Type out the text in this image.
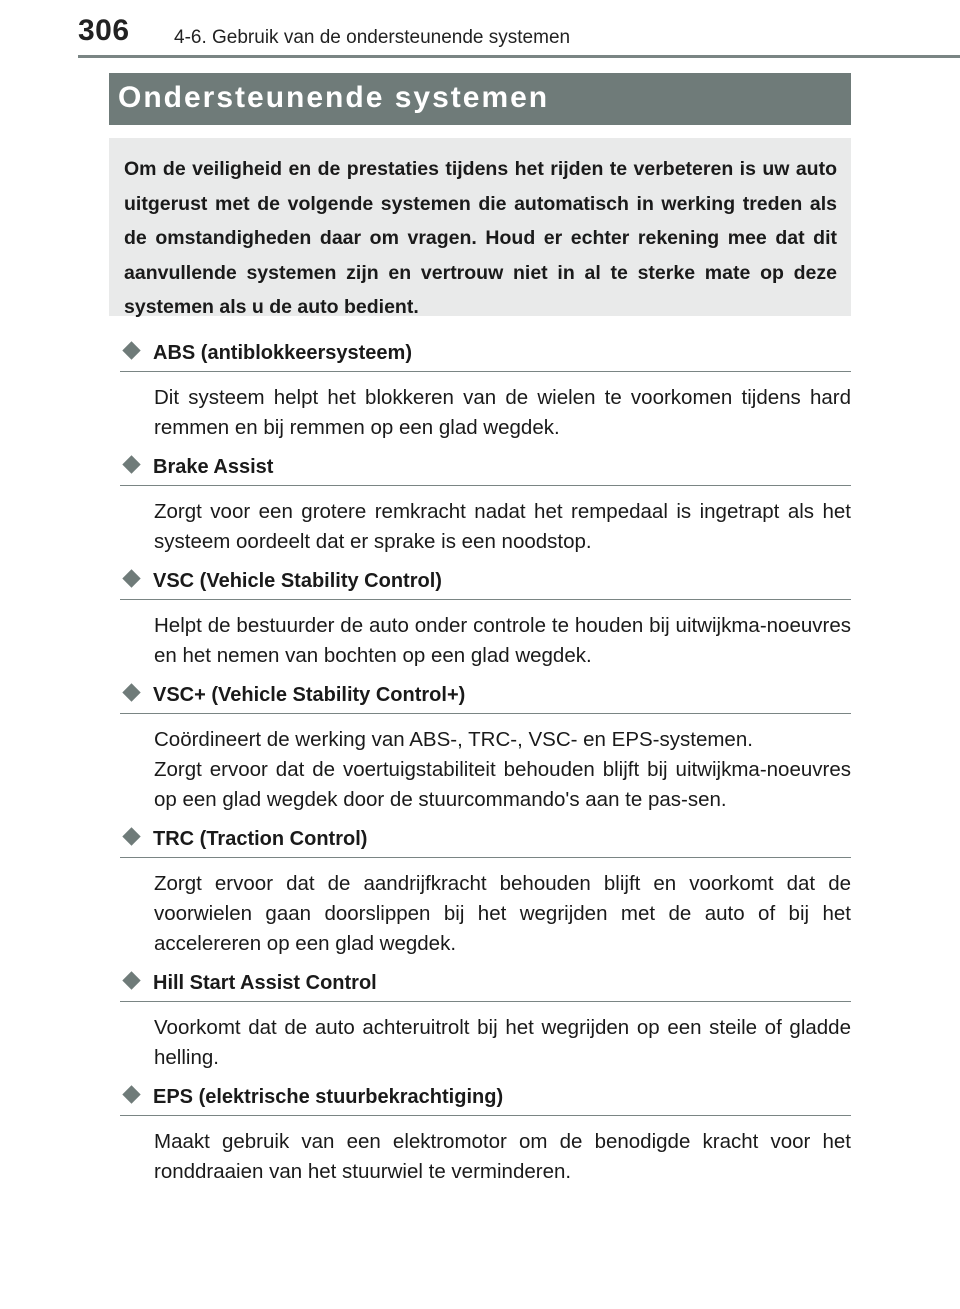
306 4-6. Gebruik van de ondersteunende systemen
Ondersteunende systemen
Om de veiligheid en de prestaties tijdens het rijden te verbeteren is uw auto uitgerust met de volgende systemen die automatisch in werking treden als de omstandigheden daar om vragen. Houd er echter rekening mee dat dit aanvullende systemen zijn en vertrouw niet in al te sterke mate op deze systemen als u de auto bedient.
ABS (antiblokkeersysteem)

Dit systeem helpt het blokkeren van de wielen te voorkomen tijdens hard remmen en bij remmen op een glad wegdek.

Brake Assist

Zorgt voor een grotere remkracht nadat het rempedaal is ingetrapt als het systeem oordeelt dat er sprake is een noodstop.

VSC (Vehicle Stability Control)

Helpt de bestuurder de auto onder controle te houden bij uitwijkma-noeuvres en het nemen van bochten op een glad wegdek.

VSC+ (Vehicle Stability Control+)

Coördineert de werking van ABS-, TRC-, VSC- en EPS-systemen.

Zorgt ervoor dat de voertuigstabiliteit behouden blijft bij uitwijkma-noeuvres op een glad wegdek door de stuurcommando's aan te pas-sen.

TRC (Traction Control)

Zorgt ervoor dat de aandrijfkracht behouden blijft en voorkomt dat de voorwielen gaan doorslippen bij het wegrijden met de auto of bij het accelereren op een glad wegdek.

Hill Start Assist Control

Voorkomt dat de auto achteruitrolt bij het wegrijden op een steile of gladde helling.

EPS (elektrische stuurbekrachtiging)

Maakt gebruik van een elektromotor om de benodigde kracht voor het ronddraaien van het stuurwiel te verminderen.
